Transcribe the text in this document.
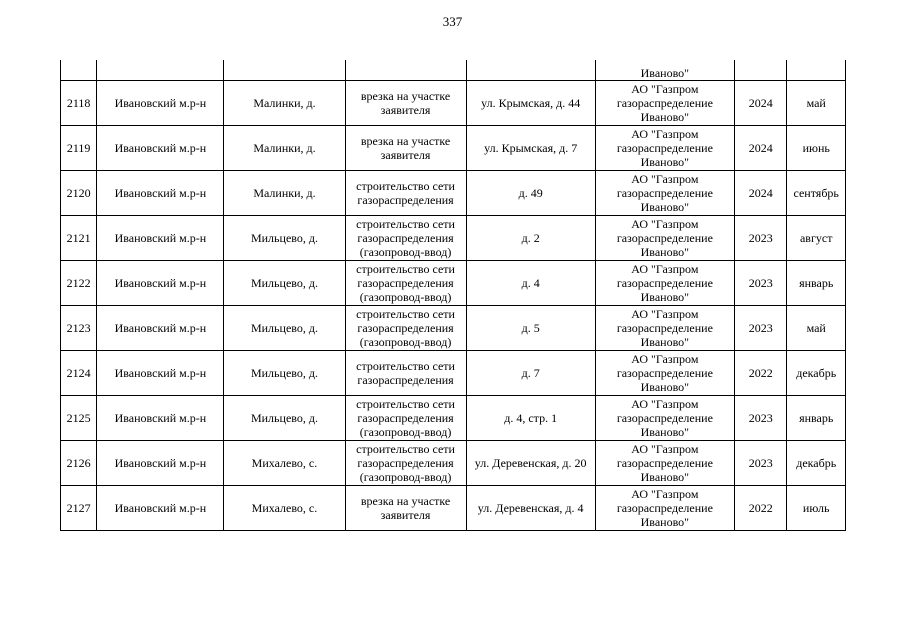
337
					Иваново"		
2118	Ивановский м.р-н	Малинки, д.	врезка на участке заявителя	ул. Крымская, д. 44	АО "Газпром газораспределение Иваново"	2024	май
2119	Ивановский м.р-н	Малинки, д.	врезка на участке заявителя	ул. Крымская, д. 7	АО "Газпром газораспределение Иваново"	2024	июнь
2120	Ивановский м.р-н	Малинки, д.	строительство сети газораспределения	д. 49	АО "Газпром газораспределение Иваново"	2024	сентябрь
2121	Ивановский м.р-н	Мильцево, д.	строительство сети газораспределения (газопровод-ввод)	д. 2	АО "Газпром газораспределение Иваново"	2023	август
2122	Ивановский м.р-н	Мильцево, д.	строительство сети газораспределения (газопровод-ввод)	д. 4	АО "Газпром газораспределение Иваново"	2023	январь
2123	Ивановский м.р-н	Мильцево, д.	строительство сети газораспределения (газопровод-ввод)	д. 5	АО "Газпром газораспределение Иваново"	2023	май
2124	Ивановский м.р-н	Мильцево, д.	строительство сети газораспределения	д. 7	АО "Газпром газораспределение Иваново"	2022	декабрь
2125	Ивановский м.р-н	Мильцево, д.	строительство сети газораспределения (газопровод-ввод)	д. 4, стр. 1	АО "Газпром газораспределение Иваново"	2023	январь
2126	Ивановский м.р-н	Михалево, с.	строительство сети газораспределения (газопровод-ввод)	ул. Деревенская, д. 20	АО "Газпром газораспределение Иваново"	2023	декабрь
2127	Ивановский м.р-н	Михалево, с.	врезка на участке заявителя	ул. Деревенская, д. 4	АО "Газпром газораспределение Иваново"	2022	июль
